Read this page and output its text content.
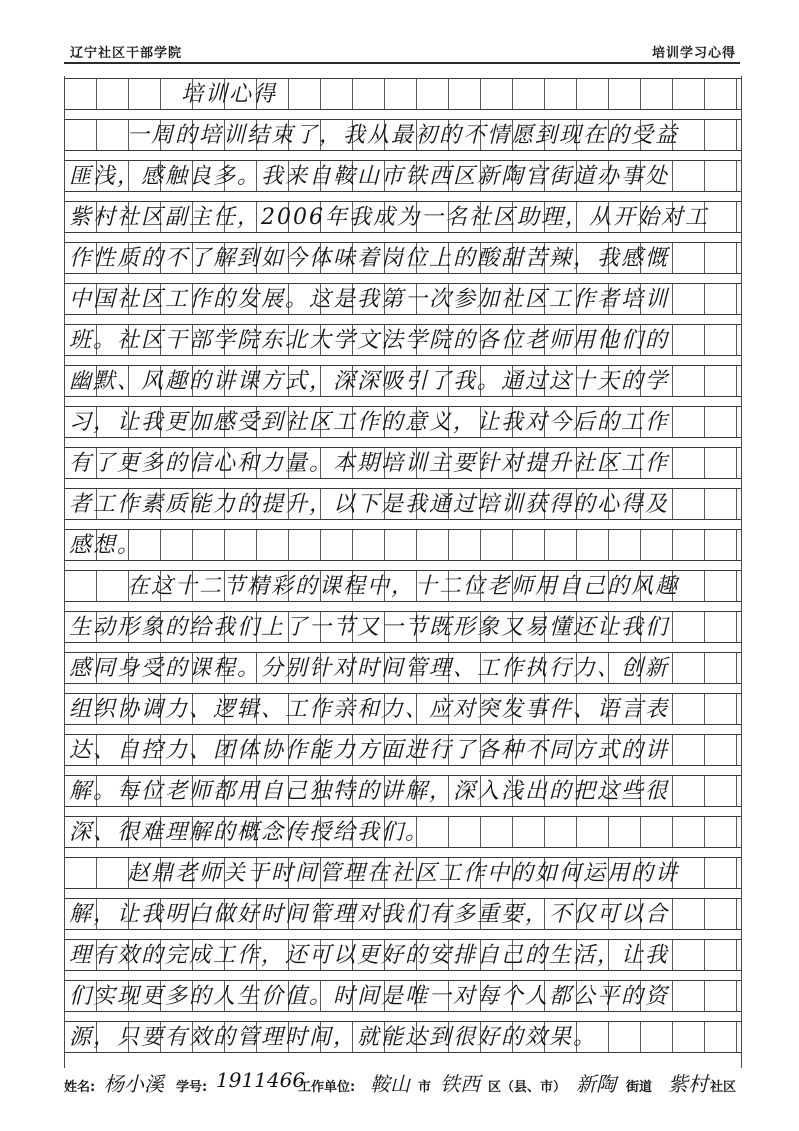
辽宁社区干部学院	培训学习心得
培训心得
一周的培训结束了，我从最初的不情愿到现在的受益
匪浅，感触良多。我来自鞍山市铁西区新陶官街道办事处
紫村社区副主任，2006年我成为一名社区助理，从开始对工
作性质的不了解到如今体味着岗位上的酸甜苦辣，我感慨
中国社区工作的发展。这是我第一次参加社区工作者培训
班。社区干部学院东北大学文法学院的各位老师用他们的
幽默、风趣的讲课方式，深深吸引了我。通过这十天的学
习，让我更加感受到社区工作的意义，让我对今后的工作
有了更多的信心和力量。本期培训主要针对提升社区工作
者工作素质能力的提升，以下是我通过培训获得的心得及
感想。
在这十二节精彩的课程中，十二位老师用自己的风趣
生动形象的给我们上了一节又一节既形象又易懂还让我们
感同身受的课程。分别针对时间管理、工作执行力、创新
组织协调力、逻辑、工作亲和力、应对突发事件、语言表
达、自控力、团体协作能力方面进行了各种不同方式的讲
解。每位老师都用自己独特的讲解，深入浅出的把这些很
深、很难理解的概念传授给我们。
赵鼎老师关于时间管理在社区工作中的如何运用的讲
解，让我明白做好时间管理对我们有多重要，不仅可以合
理有效的完成工作，还可以更好的安排自己的生活，让我
们实现更多的人生价值。时间是唯一对每个人都公平的资
源，只要有效的管理时间，就能达到很好的效果。
姓名: 杨小溪 学号: 1911466
工作单位: 鞍山 市 铁西 区（县、市） 新陶 街道 紫村 社区
